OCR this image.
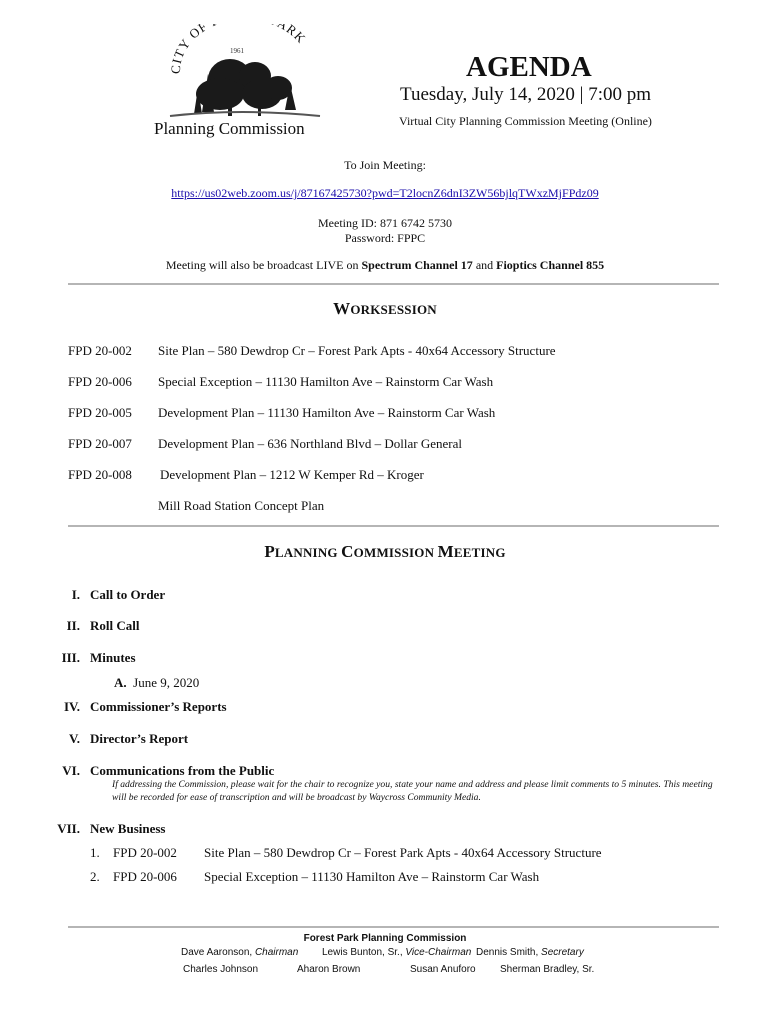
CITY OF ARK
1961
Planning Commission
AGENDA
Tuesday, July 14, 2020 | 7:00 pm
Virtual City Planning Commission Meeting (Online)
To Join Meeting:
https://us02web.zoom.us/j/87167425730?pwd=T2locnZ6dnI3ZW56bjlqTWxzMjFPdz09
Meeting ID: 871 6742 5730
Password: FPPC
Meeting will also be broadcast LIVE on Spectrum Channel 17 and Fioptics Channel 855
WORKSESSION
FPD 20-002 Site Plan – 580 Dewdrop Cr – Forest Park Apts - 40x64 Accessory Structure
FPD 20-006 Special Exception – 11130 Hamilton Ave – Rainstorm Car Wash
FPD 20-005 Development Plan – 11130 Hamilton Ave – Rainstorm Car Wash
FPD 20-007 Development Plan – 636 Northland Blvd – Dollar General
FPD 20-008 Development Plan – 1212 W Kemper Rd – Kroger
Mill Road Station Concept Plan
PLANNING COMMISSION MEETING
I. Call to Order
II. Roll Call
III. Minutes
A. June 9, 2020
IV. Commissioner’s Reports
V. Director’s Report
VI. Communications from the Public
If addressing the Commission, please wait for the chair to recognize you, state your name and address and please limit comments to 5 minutes. This meeting will be recorded for ease of transcription and will be broadcast by Waycross Community Media.
VII. New Business
1. FPD 20-002 Site Plan – 580 Dewdrop Cr – Forest Park Apts - 40x64 Accessory Structure
2. FPD 20-006 Special Exception – 11130 Hamilton Ave – Rainstorm Car Wash
Forest Park Planning Commission
Dave Aaronson, Chairman Lewis Bunton, Sr., Vice-Chairman Dennis Smith, Secretary
Charles Johnson	Aharon Brown	Susan Anuforo Sherman Bradley, Sr.
